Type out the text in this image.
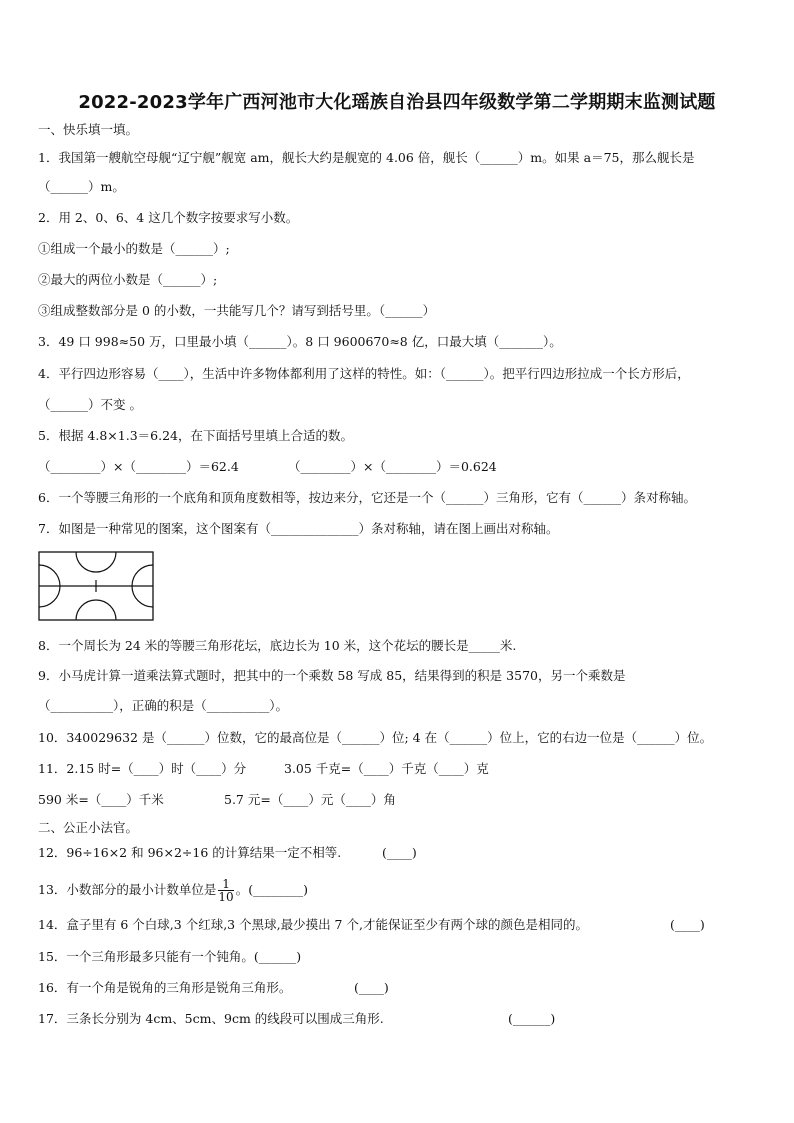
2022-2023学年广西河池市大化瑶族自治县四年级数学第二学期期末监测试题
一、快乐填一填。
1．我国第一艘航空母舰“辽宁舰”舰宽 am，舰长大约是舰宽的 4.06 倍，舰长（______）m。如果 a＝75，那么舰长是
（______）m。
2．用 2、0、6、4 这几个数字按要求写小数。
①组成一个最小的数是（______）;
②最大的两位小数是（______）;
③组成整数部分是 0 的小数，一共能写几个？请写到括号里。（______）
3．49 口 998≈50 万，口里最小填（______）。8 口 9600670≈8 亿，口最大填（_______）。
4．平行四边形容易（____），生活中许多物体都利用了这样的特性。如：（______）。把平行四边形拉成一个长方形后，
（______）不变 。
5．根据 4.8×1.3＝6.24，在下面括号里填上合适的数。
（________）×（________）＝62.4	（________）×（________）＝0.624
6．一个等腰三角形的一个底角和顶角度数相等，按边来分，它还是一个（______）三角形，它有（______）条对称轴。
7．如图是一种常见的图案，这个图案有（______________）条对称轴，请在图上画出对称轴。
8．一个周长为 24 米的等腰三角形花坛，底边长为 10 米，这个花坛的腰长是_____米.
9．小马虎计算一道乘法算式题时，把其中的一个乘数 58 写成 85，结果得到的积是 3570，另一个乘数是
（__________），正确的积是（__________）。
10．340029632 是（______）位数，它的最高位是（______）位; 4 在（______）位上，它的右边一位是（______）位。
11．2.15 时=（____）时（____）分	3.05 千克=（____）千克（____）克
590 米=（____）千米	5.7 元=（____）元（____）角
二、公正小法官。
12．96÷16×2 和 96×2÷16 的计算结果一定不相等.	(____)
13．小数部分的最小计数单位是 $\frac{1}{10}$ 。(________)
14．盒子里有 6 个白球,3 个红球,3 个黑球,最少摸出 7 个,才能保证至少有两个球的颜色是相同的。	(____)
15．一个三角形最多只能有一个钝角。(______)
16．有一个角是锐角的三角形是锐角三角形。	(____)
17．三条长分别为 4cm、5cm、9cm 的线段可以围成三角形.	(______)
